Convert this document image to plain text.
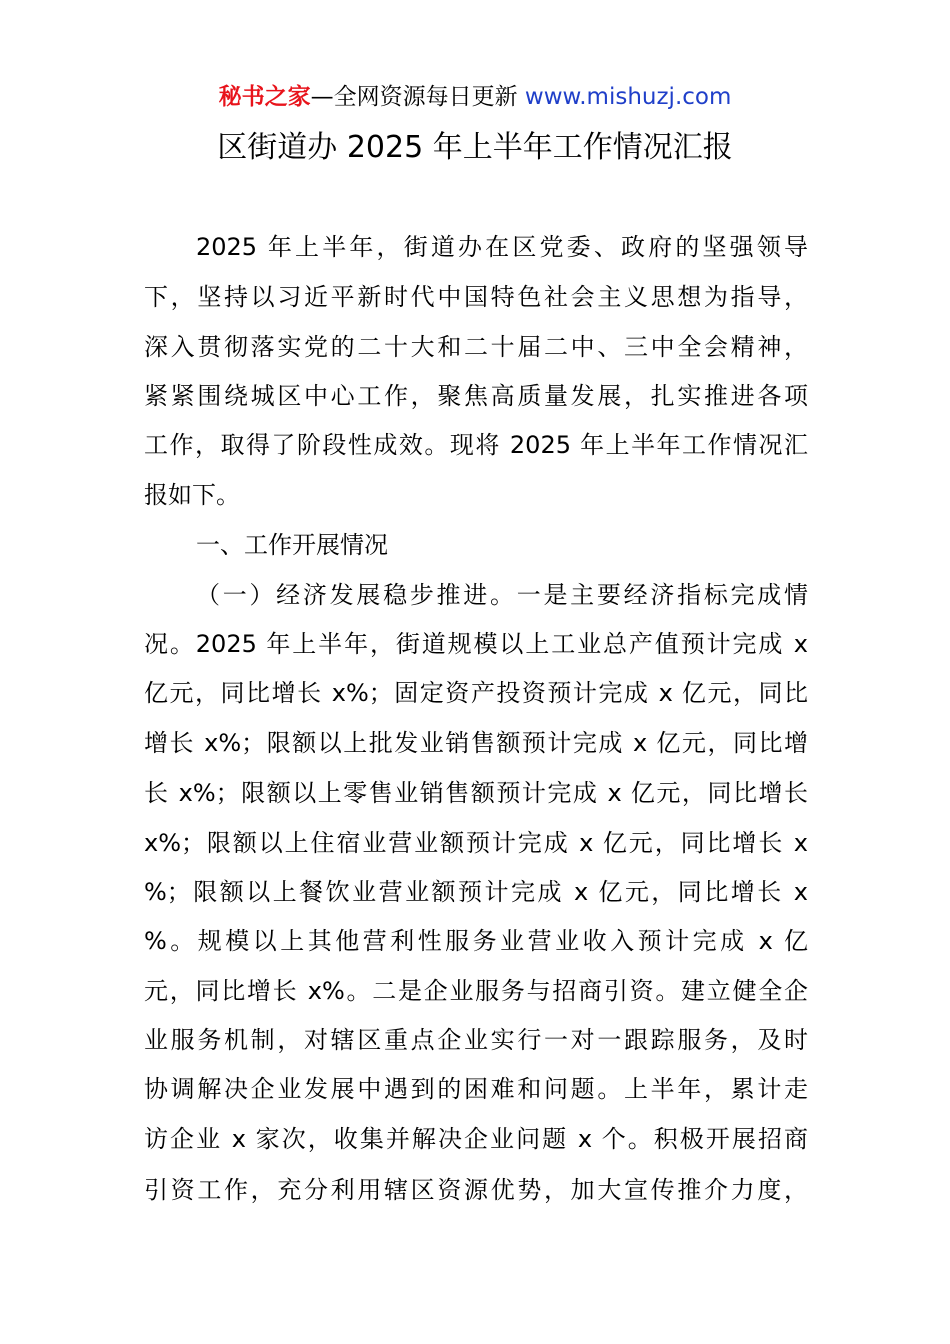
秘书之家—全网资源每日更新 www.mishuzj.com
区街道办 2025 年上半年工作情况汇报
2025 年上半年，街道办在区党委、政府的坚强领导
下，坚持以习近平新时代中国特色社会主义思想为指导，
深入贯彻落实党的二十大和二十届二中、三中全会精神，
紧紧围绕城区中心工作，聚焦高质量发展，扎实推进各项
工作，取得了阶段性成效。现将 2025 年上半年工作情况汇
报如下。
一、工作开展情况
（一）经济发展稳步推进。一是主要经济指标完成情
况。2025 年上半年，街道规模以上工业总产值预计完成 x
亿元，同比增长 x%；固定资产投资预计完成 x 亿元，同比
增长 x%；限额以上批发业销售额预计完成 x 亿元，同比增
长 x%；限额以上零售业销售额预计完成 x 亿元，同比增长
x%；限额以上住宿业营业额预计完成 x 亿元，同比增长 x
%；限额以上餐饮业营业额预计完成 x 亿元，同比增长 x
%。规模以上其他营利性服务业营业收入预计完成 x 亿
元，同比增长 x%。二是企业服务与招商引资。建立健全企
业服务机制，对辖区重点企业实行一对一跟踪服务，及时
协调解决企业发展中遇到的困难和问题。上半年，累计走
访企业 x 家次，收集并解决企业问题 x 个。积极开展招商
引资工作，充分利用辖区资源优势，加大宣传推介力度，
